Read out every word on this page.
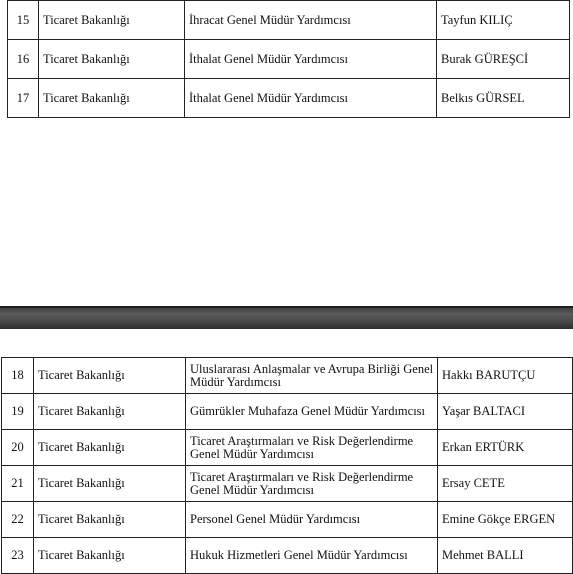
15	Ticaret Bakanlığı	İhracat Genel Müdür Yardımcısı	Tayfun KILIÇ
16	Ticaret Bakanlığı	İthalat Genel Müdür Yardımcısı	Burak GÜREŞCİ
17	Ticaret Bakanlığı	İthalat Genel Müdür Yardımcısı	Belkıs GÜRSEL
18	Ticaret Bakanlığı	Uluslararası Anlaşmalar ve Avrupa Birliği Genel Müdür Yardımcısı	Hakkı BARUTÇU
19	Ticaret Bakanlığı	Gümrükler Muhafaza Genel Müdür Yardımcısı	Yaşar BALTACI
20	Ticaret Bakanlığı	Ticaret Araştırmaları ve Risk Değerlendirme Genel Müdür Yardımcısı	Erkan ERTÜRK
21	Ticaret Bakanlığı	Ticaret Araştırmaları ve Risk Değerlendirme Genel Müdür Yardımcısı	Ersay CETE
22	Ticaret Bakanlığı	Personel Genel Müdür Yardımcısı	Emine Gökçe ERGEN
23	Ticaret Bakanlığı	Hukuk Hizmetleri Genel Müdür Yardımcısı	Mehmet BALLI
